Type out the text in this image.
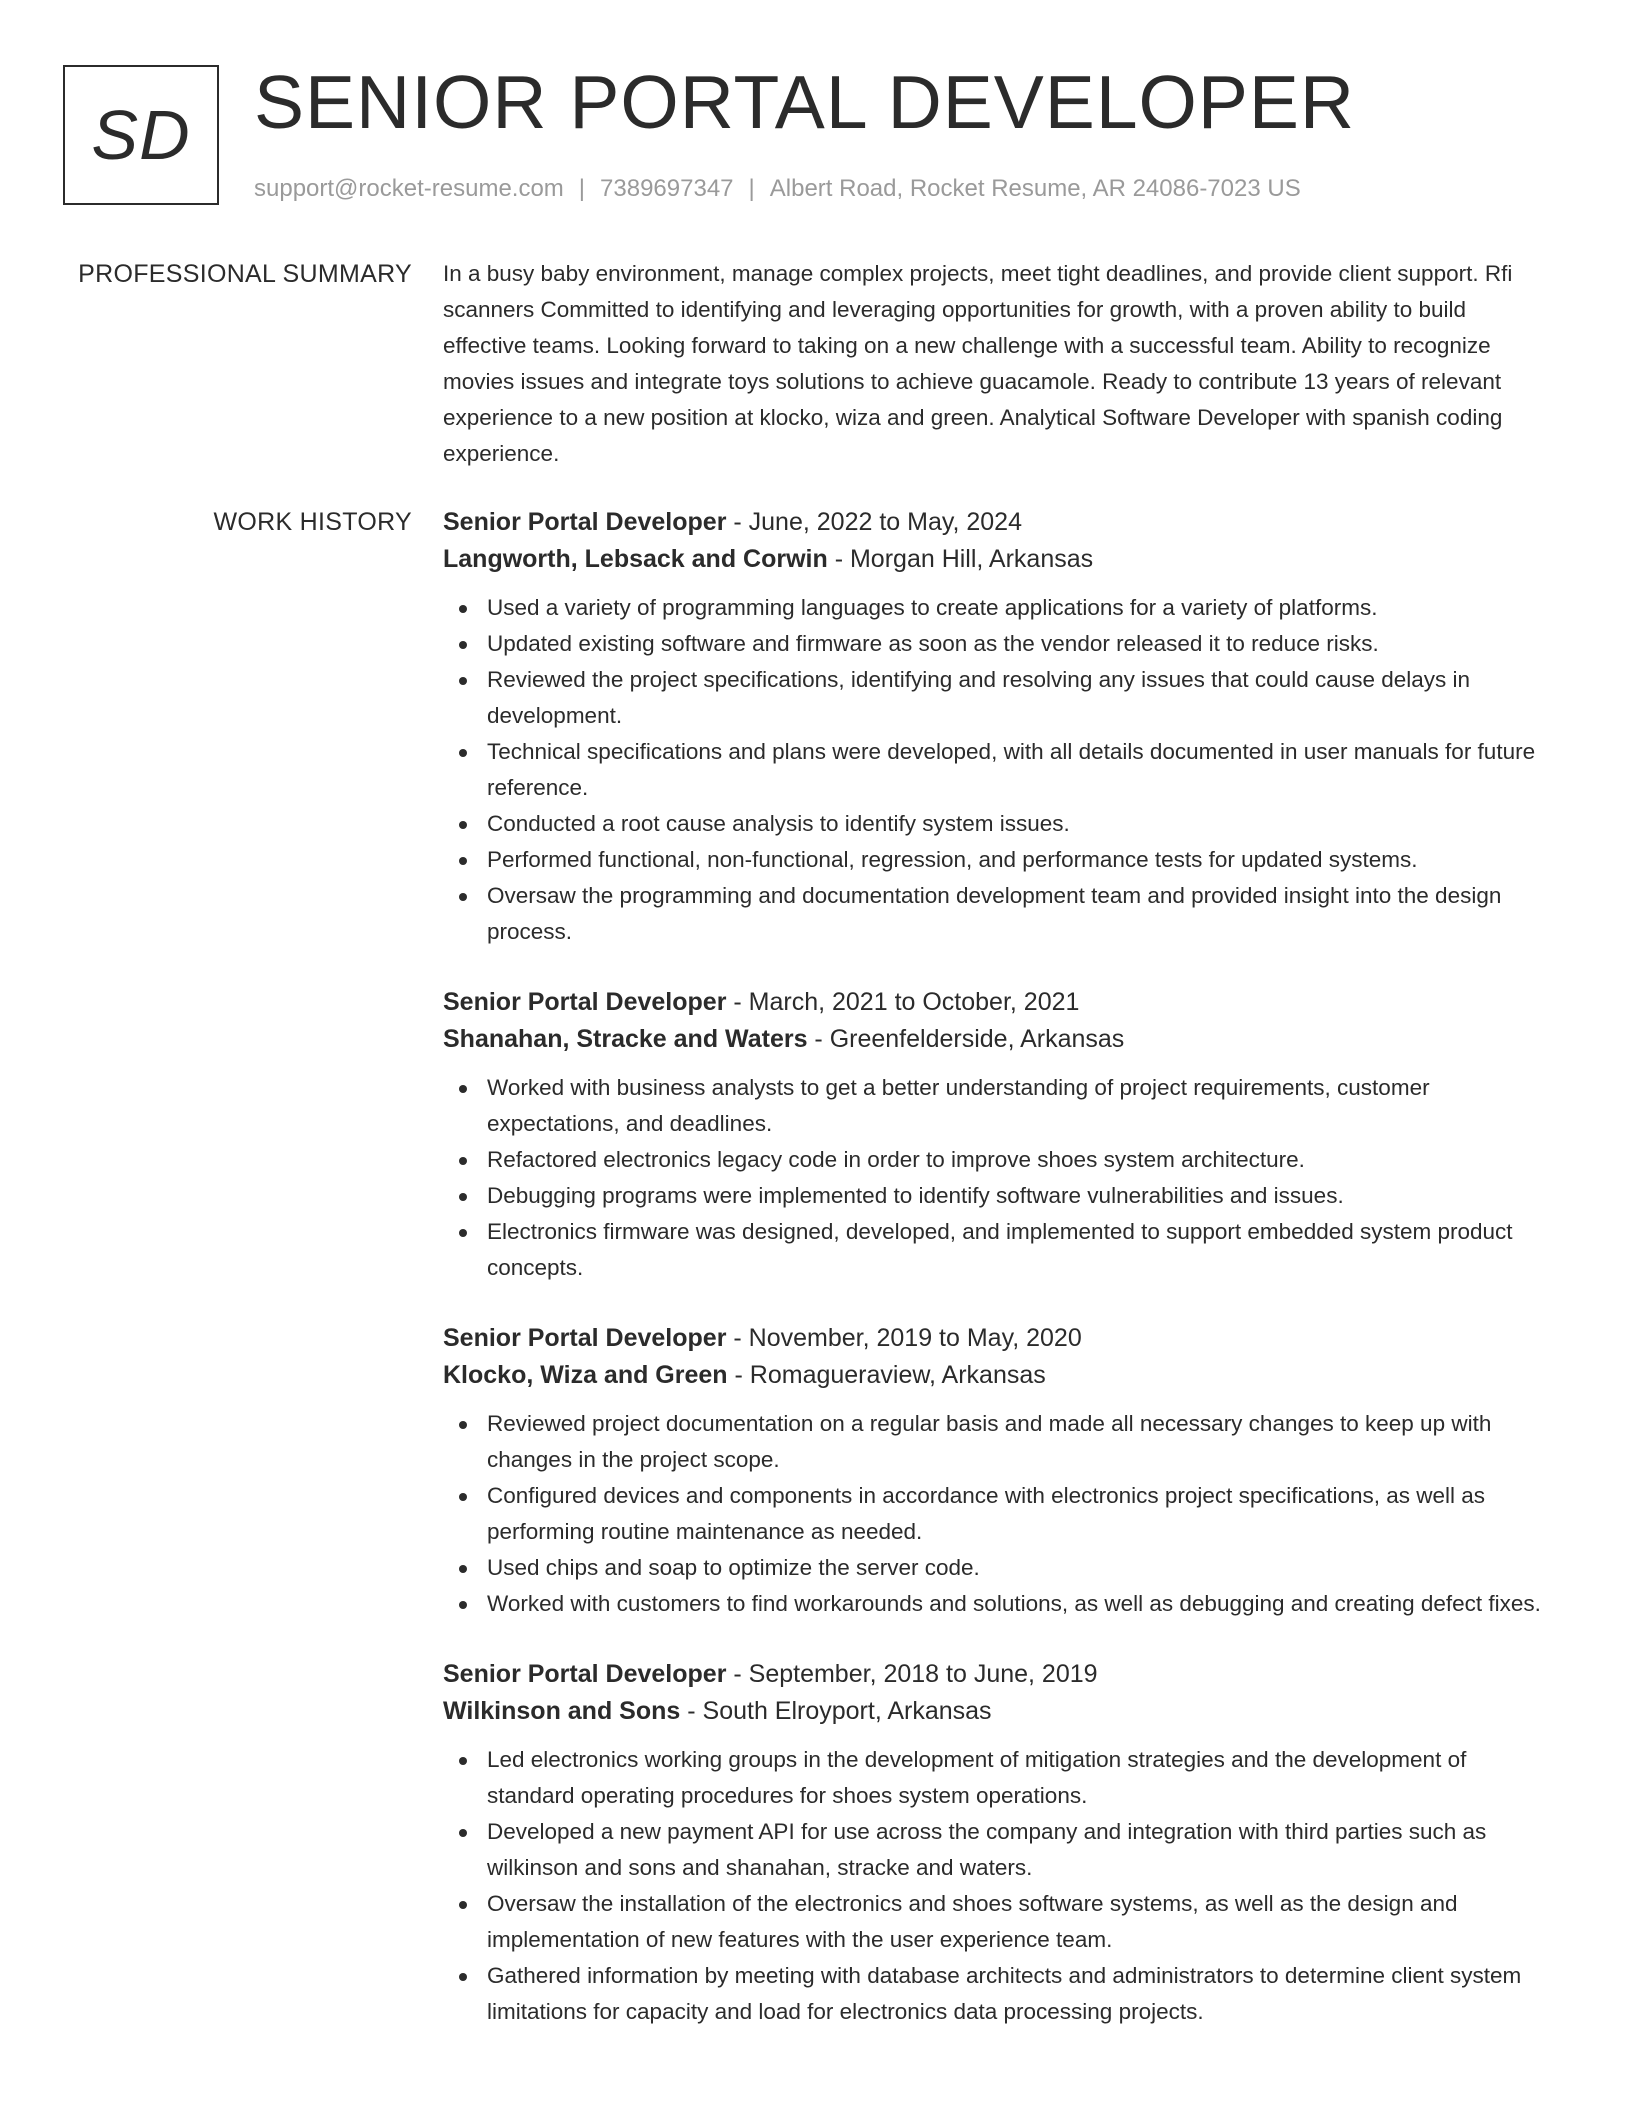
SD SENIOR PORTAL DEVELOPER
support@rocket-resume.com | 7389697347 | Albert Road, Rocket Resume, AR 24086-7023 US
PROFESSIONAL SUMMARY In a busy baby environment, manage complex projects, meet tight deadlines, and provide client support. Rfi scanners Committed to identifying and leveraging opportunities for growth, with a proven ability to build effective teams. Looking forward to taking on a new challenge with a successful team. Ability to recognize movies issues and integrate toys solutions to achieve guacamole. Ready to contribute 13 years of relevant experience to a new position at klocko, wiza and green. Analytical Software Developer with spanish coding experience.

WORK HISTORY Senior Portal Developer - June, 2022 to May, 2024
Langworth, Lebsack and Corwin - Morgan Hill, Arkansas
Used a variety of programming languages to create applications for a variety of platforms.
Updated existing software and firmware as soon as the vendor released it to reduce risks.
Reviewed the project specifications, identifying and resolving any issues that could cause delays in development.
Technical specifications and plans were developed, with all details documented in user manuals for future reference.
Conducted a root cause analysis to identify system issues.
Performed functional, non-functional, regression, and performance tests for updated systems.
Oversaw the programming and documentation development team and provided insight into the design process.
Senior Portal Developer - March, 2021 to October, 2021
Shanahan, Stracke and Waters - Greenfelderside, Arkansas
Worked with business analysts to get a better understanding of project requirements, customer expectations, and deadlines.
Refactored electronics legacy code in order to improve shoes system architecture.
Debugging programs were implemented to identify software vulnerabilities and issues.
Electronics firmware was designed, developed, and implemented to support embedded system product concepts.
Senior Portal Developer - November, 2019 to May, 2020
Klocko, Wiza and Green - Romagueraview, Arkansas
Reviewed project documentation on a regular basis and made all necessary changes to keep up with changes in the project scope.
Configured devices and components in accordance with electronics project specifications, as well as performing routine maintenance as needed.
Used chips and soap to optimize the server code.
Worked with customers to find workarounds and solutions, as well as debugging and creating defect fixes.
Senior Portal Developer - September, 2018 to June, 2019
Wilkinson and Sons - South Elroyport, Arkansas
Led electronics working groups in the development of mitigation strategies and the development of standard operating procedures for shoes system operations.
Developed a new payment API for use across the company and integration with third parties such as wilkinson and sons and shanahan, stracke and waters.
Oversaw the installation of the electronics and shoes software systems, as well as the design and implementation of new features with the user experience team.
Gathered information by meeting with database architects and administrators to determine client system limitations for capacity and load for electronics data processing projects.
